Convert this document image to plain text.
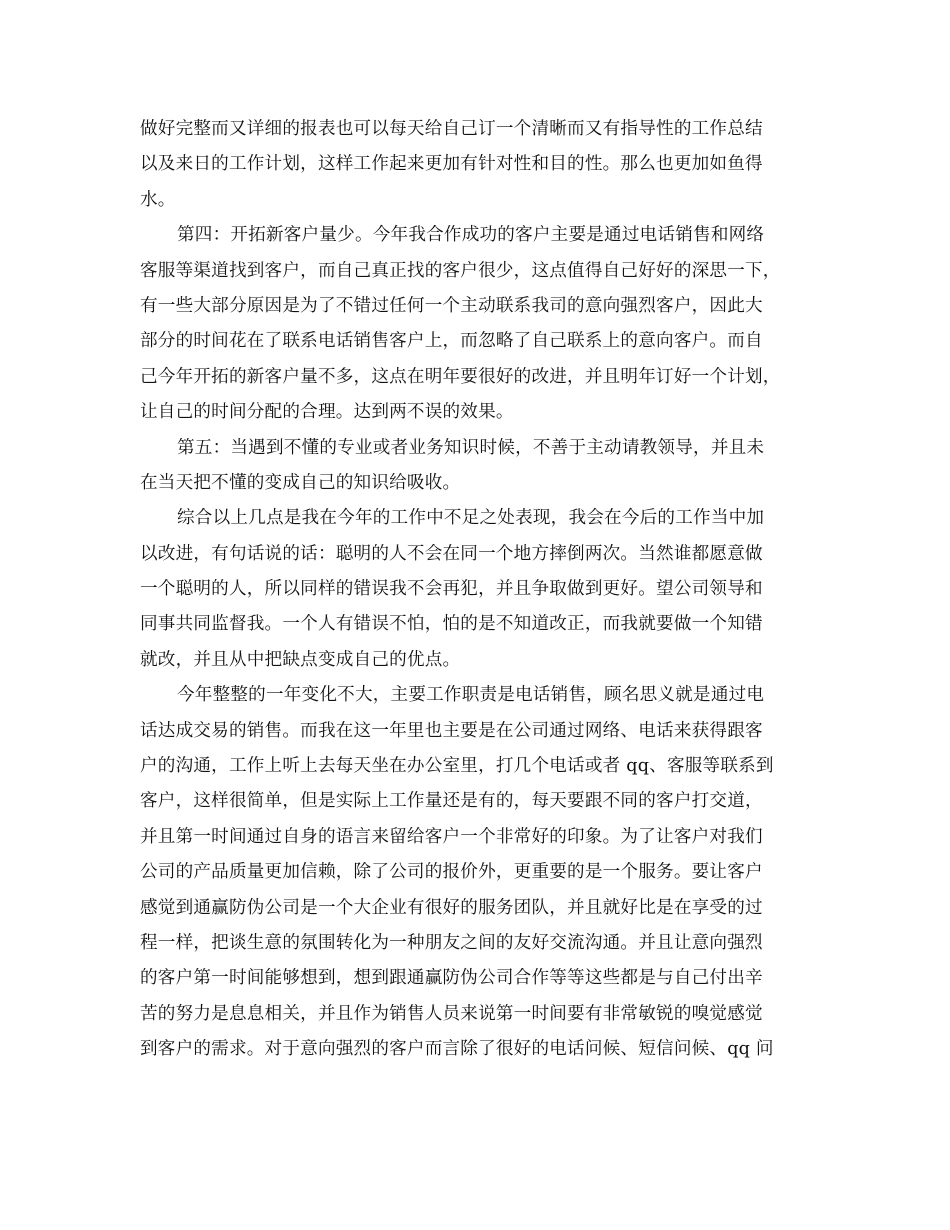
做好完整而又详细的报表也可以每天给自己订一个清晰而又有指导性的工作总结
以及来日的工作计划，这样工作起来更加有针对性和目的性。那么也更加如鱼得
水。
第四：开拓新客户量少。今年我合作成功的客户主要是通过电话销售和网络
客服等渠道找到客户，而自己真正找的客户很少，这点值得自己好好的深思一下，
有一些大部分原因是为了不错过任何一个主动联系我司的意向强烈客户，因此大
部分的时间花在了联系电话销售客户上，而忽略了自己联系上的意向客户。而自
己今年开拓的新客户量不多，这点在明年要很好的改进，并且明年订好一个计划，
让自己的时间分配的合理。达到两不误的效果。
第五：当遇到不懂的专业或者业务知识时候，不善于主动请教领导，并且未
在当天把不懂的变成自己的知识给吸收。
综合以上几点是我在今年的工作中不足之处表现，我会在今后的工作当中加
以改进，有句话说的话：聪明的人不会在同一个地方摔倒两次。当然谁都愿意做
一个聪明的人，所以同样的错误我不会再犯，并且争取做到更好。望公司领导和
同事共同监督我。一个人有错误不怕，怕的是不知道改正，而我就要做一个知错
就改，并且从中把缺点变成自己的优点。
今年整整的一年变化不大，主要工作职责是电话销售，顾名思义就是通过电
话达成交易的销售。而我在这一年里也主要是在公司通过网络、电话来获得跟客
户的沟通，工作上听上去每天坐在办公室里，打几个电话或者 qq、客服等联系到
客户，这样很简单，但是实际上工作量还是有的，每天要跟不同的客户打交道，
并且第一时间通过自身的语言来留给客户一个非常好的印象。为了让客户对我们
公司的产品质量更加信赖，除了公司的报价外，更重要的是一个服务。要让客户
感觉到通赢防伪公司是一个大企业有很好的服务团队，并且就好比是在享受的过
程一样，把谈生意的氛围转化为一种朋友之间的友好交流沟通。并且让意向强烈
的客户第一时间能够想到，想到跟通赢防伪公司合作等等这些都是与自己付出辛
苦的努力是息息相关，并且作为销售人员来说第一时间要有非常敏锐的嗅觉感觉
到客户的需求。对于意向强烈的客户而言除了很好的电话问候、短信问候、qq 问
